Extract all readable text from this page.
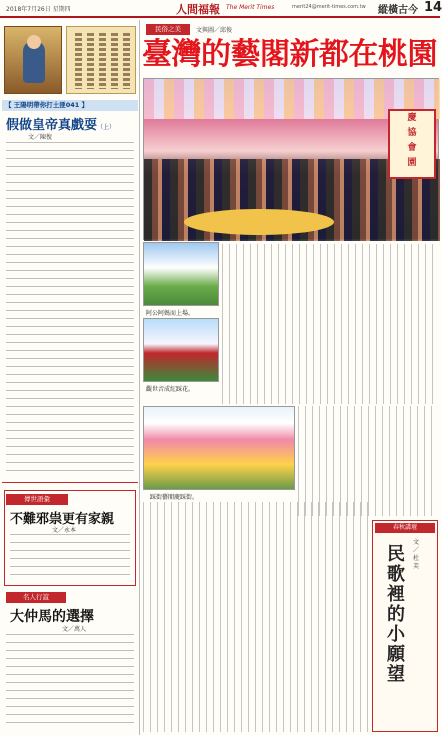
2018年7月26日 星期四	人間福報 The Merit Times	merit24@merit-times.com.tw 縱橫古今 14
民俗之美	文與圖／邱俊
臺灣的藝閣新都在桃園
【 王陽明帶你打土匪041 】
假做皇帝真戲耍（上）
文／陳復
傳世語彙
不難邪祟更有家親
文／永本
名人行誼
大仲馬的選擇
文／萬人
慶
協
會
園
阿公阿媽而上場。
觀世音成紅踩花。
踩街藝閣慶踩街。
春秋講壇
民歌裡的小願望
文／杜芙
